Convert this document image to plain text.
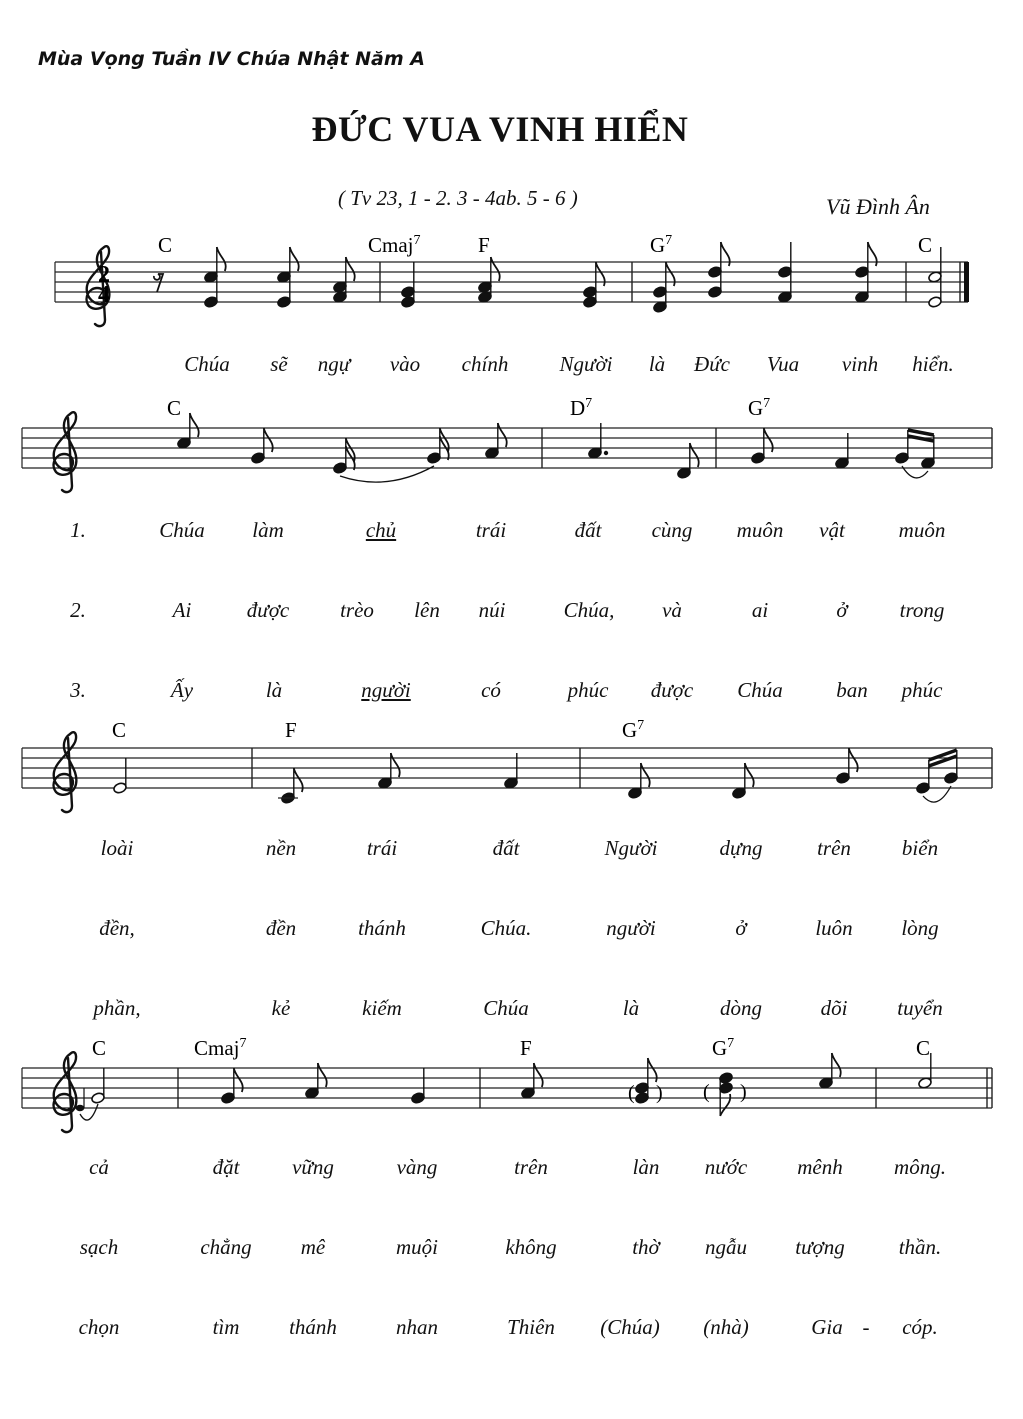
Mùa Vọng Tuần IV Chúa Nhật Năm A
ĐỨC VUA VINH HIỂN
( Tv 23, 1 - 2. 3 - 4ab. 5 - 6 )	Vũ Đình Ân
2
4
( ) ( )
C	Cmaj$^7$	F	$G^7$	C
C	$D^7$	$G^7$
C	F	$G^7$
C	Cmaj$^7$	F	$G^7$	C
Chúa sẽ ngự vào chính Người là Đức Vua vinh hiển.
1.	Chúa làm	chủ	trái	đất cùng muôn vật	muôn
2.	Ai	được trèo lên núi	Chúa, và	ai	ở trong
3.	Ấy	là	người	có	phúc được Chúa	ban phúc
loài	nền	trái	đất	Người	dựng	trên biển
đền,	đền	thánh	Chúa.	người	ở	luôn lòng
phần,	kẻ	kiếm	Chúa	là	dòng	dõi tuyển
cả	đặt	vững	vàng	trên	làn nước mênh mông.
sạch	chẳng mê	muội	không	thờ ngẫu tượng	thần.
chọn	tìm thánh	nhan	Thiên (Chúa) (nhà)	Gia - cóp.
